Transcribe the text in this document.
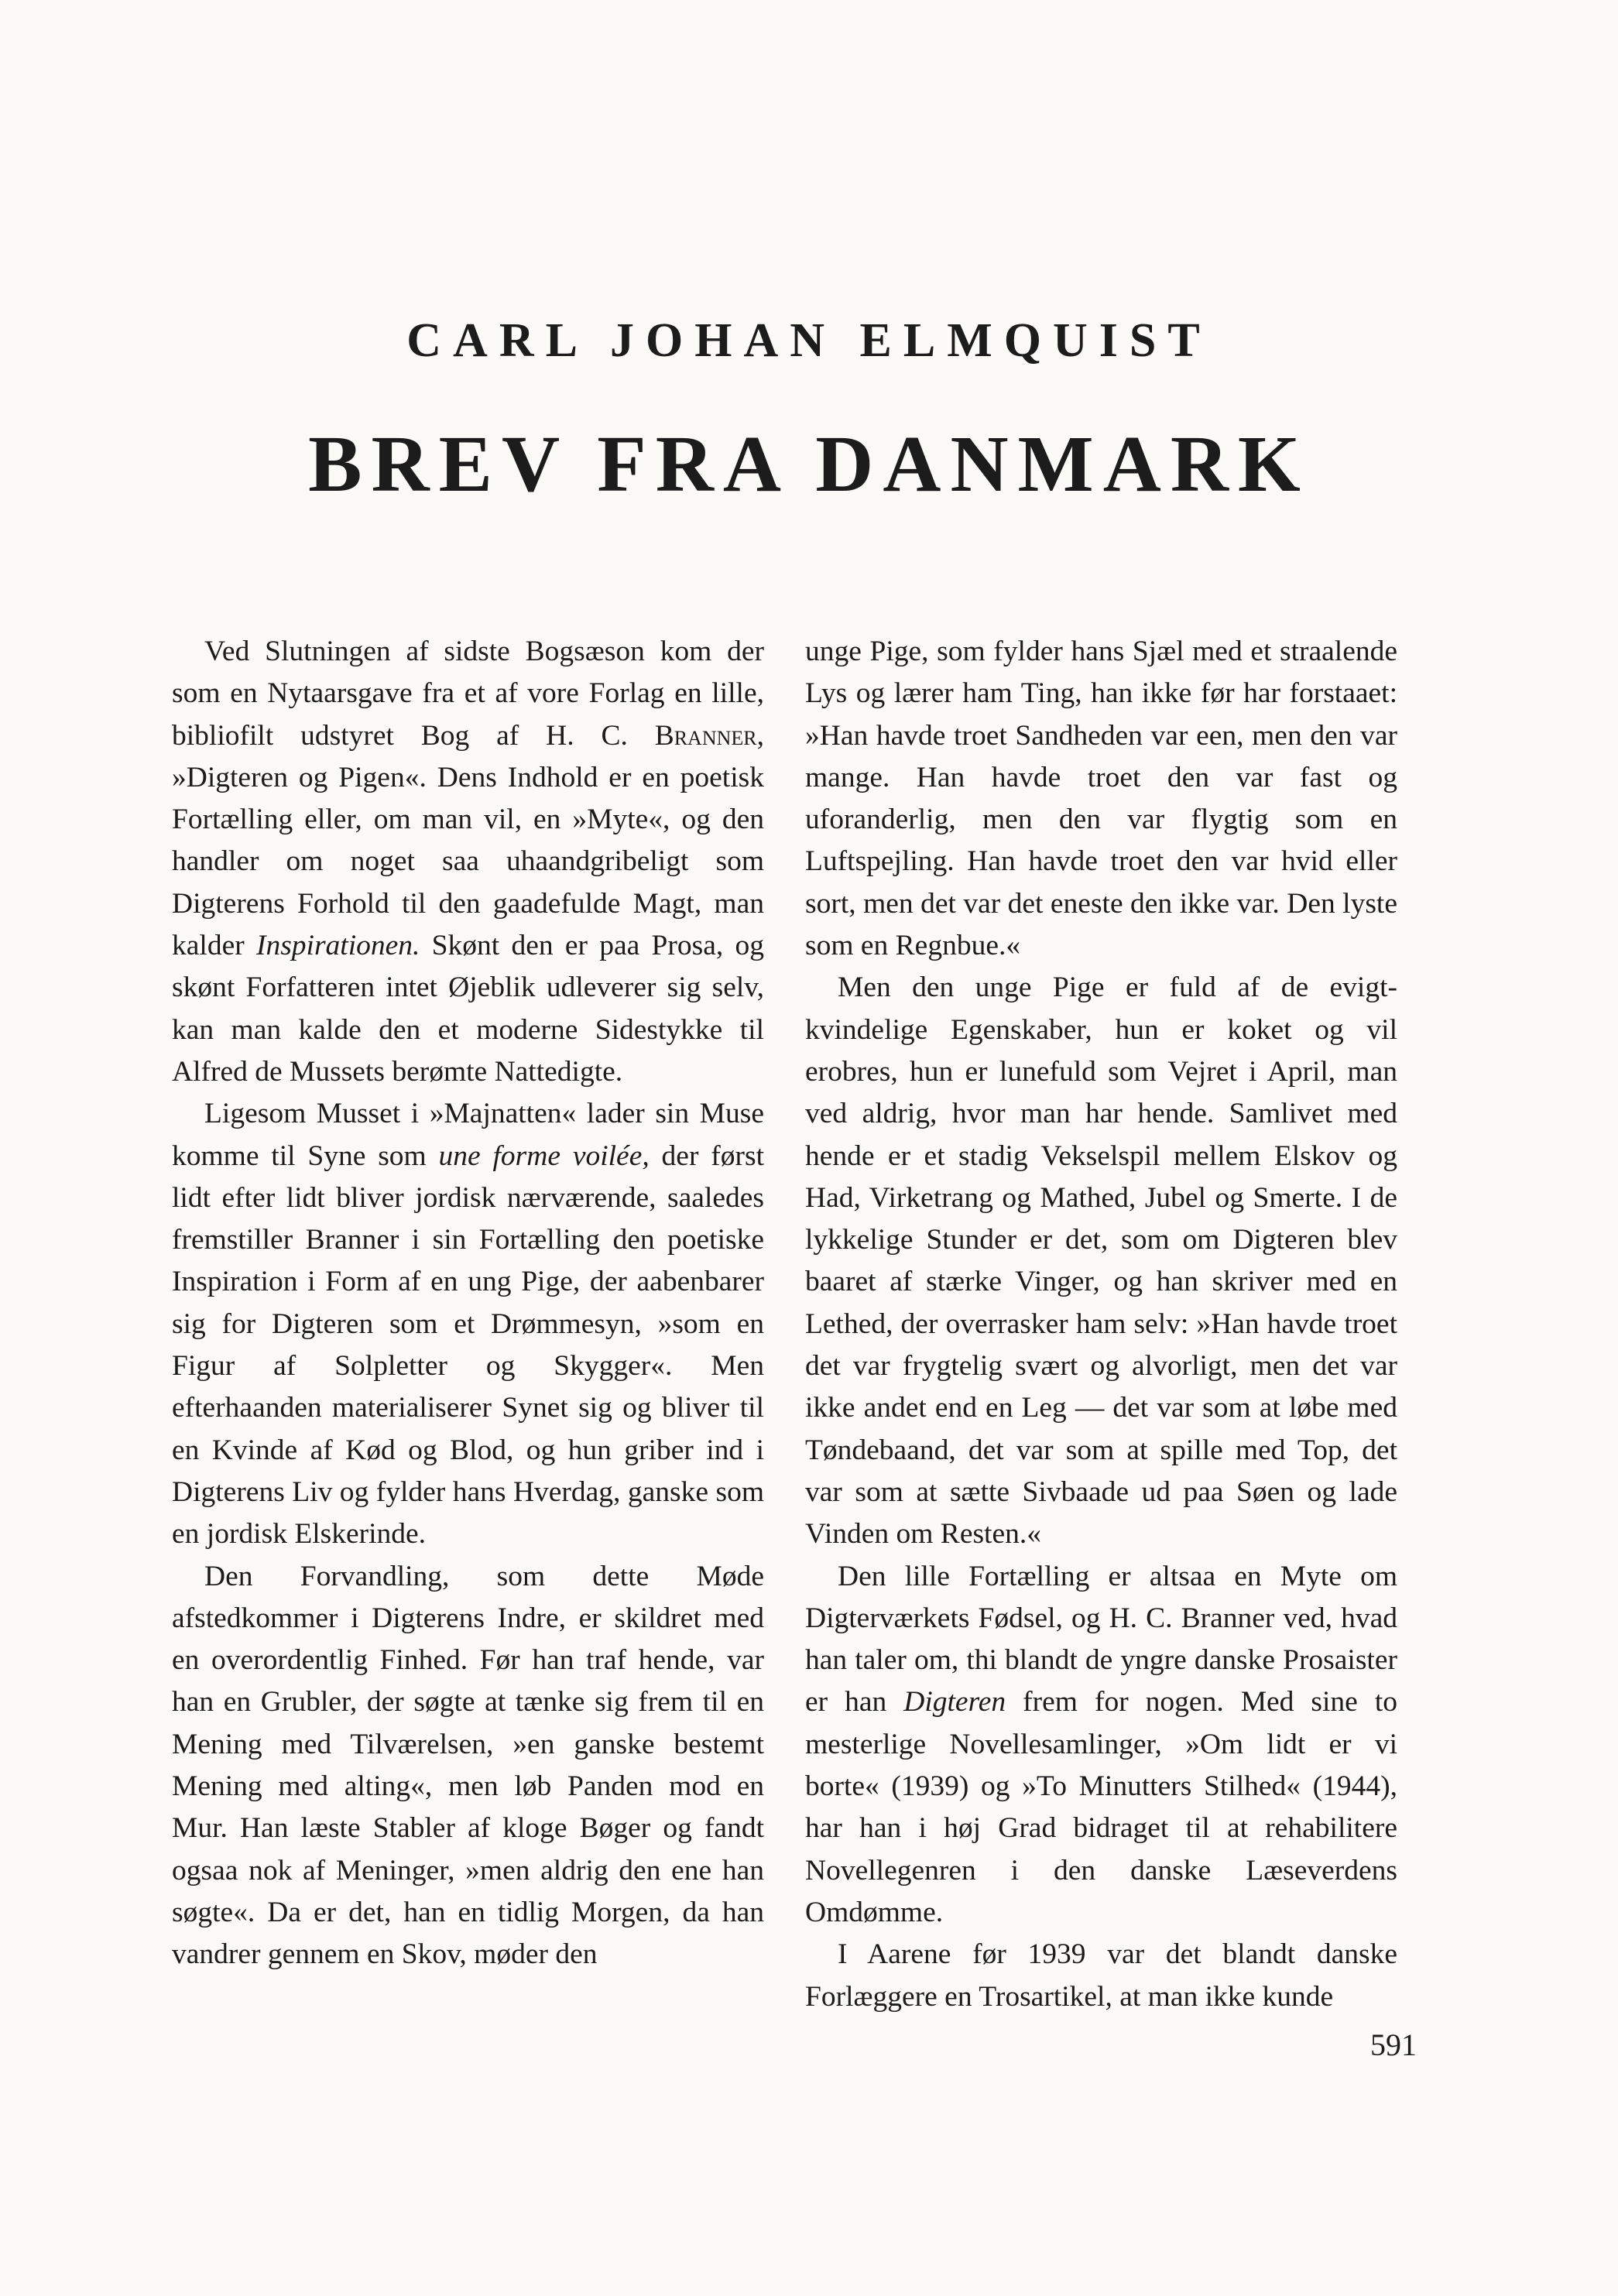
CARL JOHAN ELMQUIST
BREV FRA DANMARK

Ved Slutningen af sidste Bogsæson kom der som en Nytaarsgave fra et af vore Forlag en lille, bibliofilt udstyret Bog af H. C. Branner, »Digteren og Pigen«. Dens Indhold er en poetisk Fortælling eller, om man vil, en »Myte«, og den handler om noget saa uhaandgribeligt som Digterens Forhold til den gaadefulde Magt, man kalder Inspirationen. Skønt den er paa Prosa, og skønt Forfatteren intet Øjeblik udleverer sig selv, kan man kalde den et moderne Sidestykke til Alfred de Mussets berømte Nattedigte.

Ligesom Musset i »Majnatten« lader sin Muse komme til Syne som une forme voilée, der først lidt efter lidt bliver jordisk nærværende, saaledes fremstiller Branner i sin Fortælling den poetiske Inspiration i Form af en ung Pige, der aabenbarer sig for Digteren som et Drømmesyn, »som en Figur af Solpletter og Skygger«. Men efterhaanden materialiserer Synet sig og bliver til en Kvinde af Kød og Blod, og hun griber ind i Digterens Liv og fylder hans Hverdag, ganske som en jordisk Elskerinde.

Den Forvandling, som dette Møde afstedkommer i Digterens Indre, er skildret med en overordentlig Finhed. Før han traf hende, var han en Grubler, der søgte at tænke sig frem til en Mening med Tilværelsen, »en ganske bestemt Mening med alting«, men løb Panden mod en Mur. Han læste Stabler af kloge Bøger og fandt ogsaa nok af Meninger, »men aldrig den ene han søgte«. Da er det, han en tidlig Morgen, da han vandrer gennem en Skov, møder den

unge Pige, som fylder hans Sjæl med et straalende Lys og lærer ham Ting, han ikke før har forstaaet: »Han havde troet Sandheden var een, men den var mange. Han havde troet den var fast og uforanderlig, men den var flygtig som en Luftspejling. Han havde troet den var hvid eller sort, men det var det eneste den ikke var. Den lyste som en Regnbue.«

Men den unge Pige er fuld af de evigt-kvindelige Egenskaber, hun er koket og vil erobres, hun er lunefuld som Vejret i April, man ved aldrig, hvor man har hende. Samlivet med hende er et stadig Vekselspil mellem Elskov og Had, Virketrang og Mathed, Jubel og Smerte. I de lykkelige Stunder er det, som om Digteren blev baaret af stærke Vinger, og han skriver med en Lethed, der overrasker ham selv: »Han havde troet det var frygtelig svært og alvorligt, men det var ikke andet end en Leg — det var som at løbe med Tøndebaand, det var som at spille med Top, det var som at sætte Sivbaade ud paa Søen og lade Vinden om Resten.«

Den lille Fortælling er altsaa en Myte om Digterværkets Fødsel, og H. C. Branner ved, hvad han taler om, thi blandt de yngre danske Prosaister er han Digteren frem for nogen. Med sine to mesterlige Novellesamlinger, »Om lidt er vi borte« (1939) og »To Minutters Stilhed« (1944), har han i høj Grad bidraget til at rehabilitere Novellegenren i den danske Læseverdens Omdømme.

I Aarene før 1939 var det blandt danske Forlæggere en Trosartikel, at man ikke kunde

591
